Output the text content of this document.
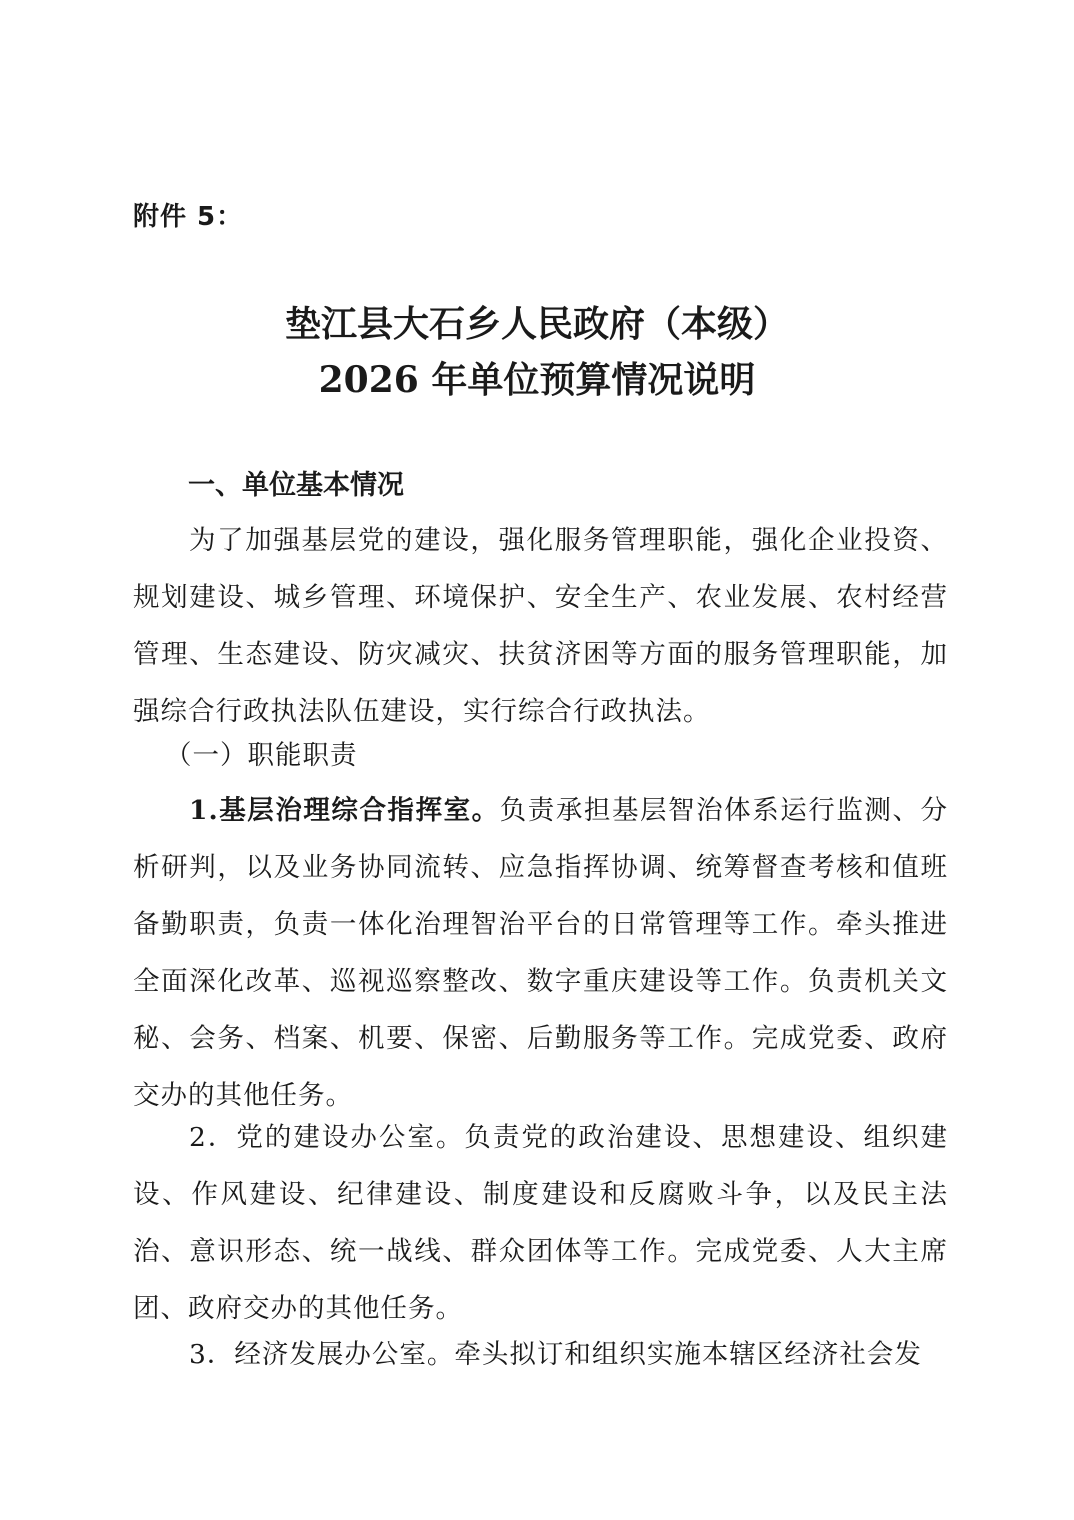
附件 5：
垫江县大石乡人民政府（本级）
2026 年单位预算情况说明
一、单位基本情况

为了加强基层党的建设，强化服务管理职能，强化企业投资、规划建设、城乡管理、环境保护、安全生产、农业发展、农村经营管理、生态建设、防灾减灾、扶贫济困等方面的服务管理职能，加强综合行政执法队伍建设，实行综合行政执法。

（一）职能职责

1.基层治理综合指挥室。负责承担基层智治体系运行监测、分析研判，以及业务协同流转、应急指挥协调、统筹督查考核和值班备勤职责，负责一体化治理智治平台的日常管理等工作。牵头推进全面深化改革、巡视巡察整改、数字重庆建设等工作。负责机关文秘、会务、档案、机要、保密、后勤服务等工作。完成党委、政府交办的其他任务。

2．党的建设办公室。负责党的政治建设、思想建设、组织建设、作风建设、纪律建设、制度建设和反腐败斗争，以及民主法治、意识形态、统一战线、群众团体等工作。完成党委、人大主席团、政府交办的其他任务。

3．经济发展办公室。牵头拟订和组织实施本辖区经济社会发
